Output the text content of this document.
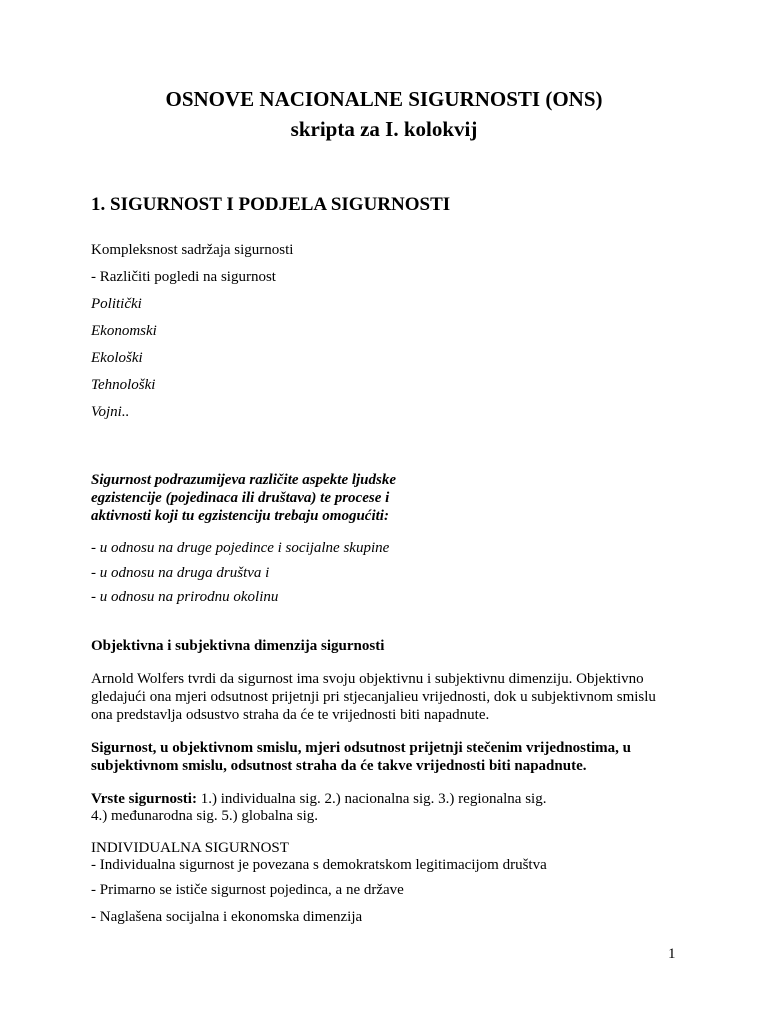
OSNOVE NACIONALNE SIGURNOSTI (ONS)
skripta za I. kolokvij
1. SIGURNOST I PODJELA SIGURNOSTI

Kompleksnost sadržaja sigurnosti

- Različiti pogledi na sigurnost

Politički

Ekonomski

Ekološki

Tehnološki

Vojni..

Sigurnost podrazumijeva različite aspekte ljudske

egzistencije (pojedinaca ili društava) te procese i

aktivnosti koji tu egzistenciju trebaju omogućiti:

- u odnosu na druge pojedince i socijalne skupine

- u odnosu na druga društva i

- u odnosu na prirodnu okolinu

Objektivna i subjektivna dimenzija sigurnosti

Arnold Wolfers tvrdi da sigurnost ima svoju objektivnu i subjektivnu dimenziju. Objektivno

gledajući ona mjeri odsutnost prijetnji pri stjecanjalieu vrijednosti, dok u subjektivnom smislu

ona predstavlja odsustvo straha da će te vrijednosti biti napadnute.

Sigurnost, u objektivnom smislu, mjeri odsutnost prijetnji stečenim vrijednostima, u

subjektivnom smislu, odsutnost straha da će takve vrijednosti biti napadnute.

Vrste sigurnosti: 1.) individualna sig. 2.) nacionalna sig. 3.) regionalna sig.

4.) međunarodna sig. 5.) globalna sig.

INDIVIDUALNA SIGURNOST

- Individualna sigurnost je povezana s demokratskom legitimacijom društva

- Primarno se ističe sigurnost pojedinca, a ne države

- Naglašena socijalna i ekonomska dimenzija

1
